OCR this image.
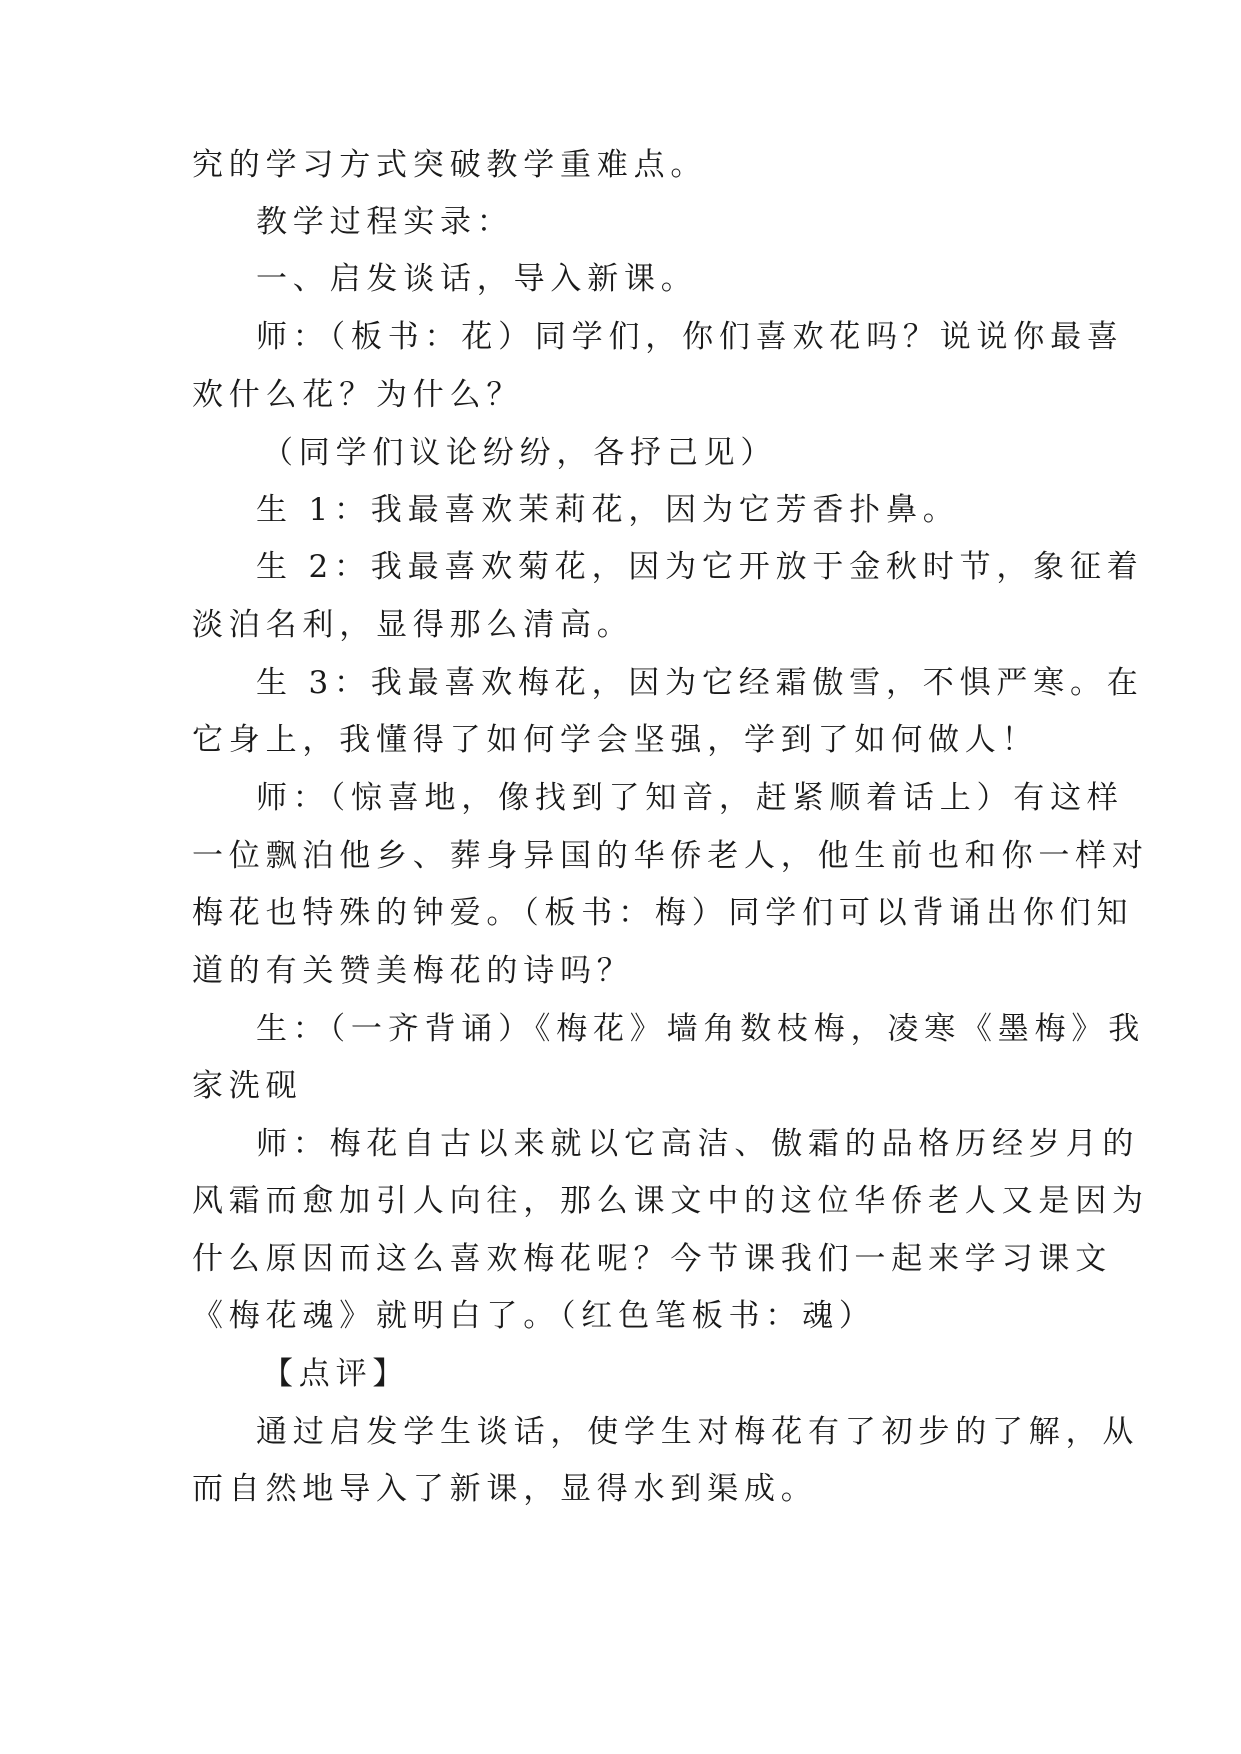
究的学习方式突破教学重难点。
教学过程实录：
一、启发谈话，导入新课。
师：（板书：花）同学们，你们喜欢花吗？说说你最喜
欢什么花？为什么？
（同学们议论纷纷，各抒己见）
生 1：我最喜欢茉莉花，因为它芳香扑鼻。
生 2：我最喜欢菊花，因为它开放于金秋时节，象征着
淡泊名利，显得那么清高。
生 3：我最喜欢梅花，因为它经霜傲雪，不惧严寒。在
它身上，我懂得了如何学会坚强，学到了如何做人！
师：（惊喜地，像找到了知音，赶紧顺着话上）有这样
一位飘泊他乡、葬身异国的华侨老人，他生前也和你一样对
梅花也特殊的钟爱。（板书：梅）同学们可以背诵出你们知
道的有关赞美梅花的诗吗？
生：（一齐背诵）《梅花》墙角数枝梅，凌寒《墨梅》我
家洗砚
师：梅花自古以来就以它高洁、傲霜的品格历经岁月的
风霜而愈加引人向往，那么课文中的这位华侨老人又是因为
什么原因而这么喜欢梅花呢？今节课我们一起来学习课文
《梅花魂》就明白了。（红色笔板书：魂）
【点评】
通过启发学生谈话，使学生对梅花有了初步的了解，从
而自然地导入了新课，显得水到渠成。
